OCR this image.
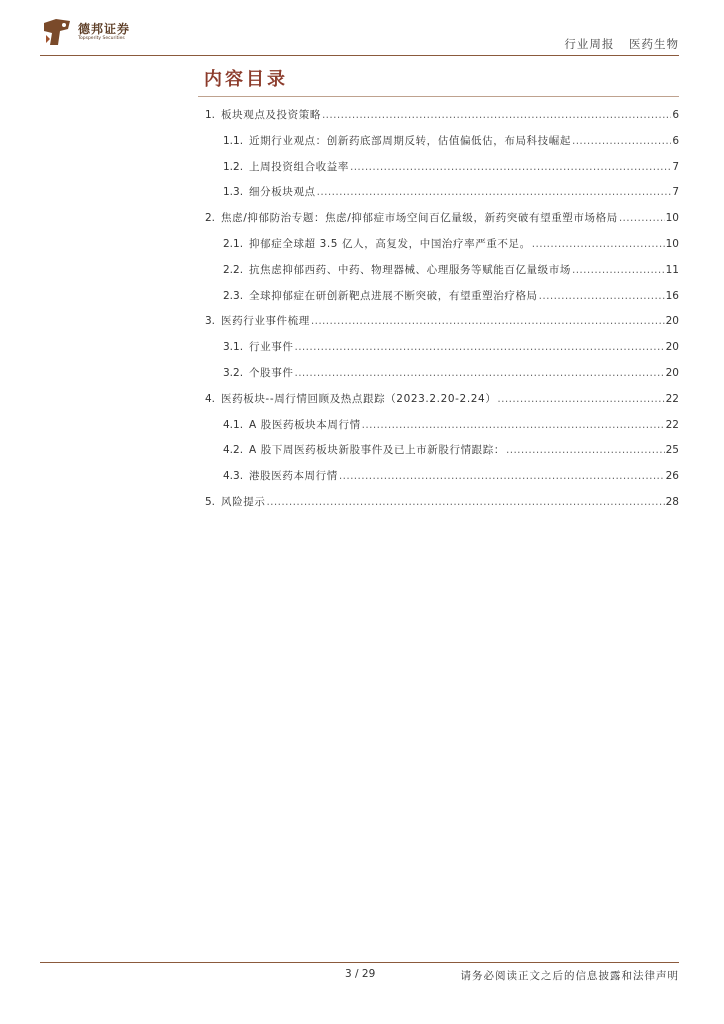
德邦证券
Topsperity Securities	行业周报 医药生物
内容目录
1. 板块观点及投资策略 .....	6
1.1. 近期行业观点：创新药底部周期反转，估值偏低估，布局科技崛起 .....	6
1.2. 上周投资组合收益率 .....	7
1.3. 细分板块观点 .....	7
2. 焦虑/抑郁防治专题：焦虑/抑郁症市场空间百亿量级，新药突破有望重塑市场格局 .....	10
2.1. 抑郁症全球超 3.5 亿人，高复发，中国治疗率严重不足。 .....	10
2.2. 抗焦虑抑郁西药、中药、物理器械、心理服务等赋能百亿量级市场 .....	11
2.3. 全球抑郁症在研创新靶点进展不断突破，有望重塑治疗格局 .....	16
3. 医药行业事件梳理 .....	20
3.1. 行业事件 .....	20
3.2. 个股事件 .....	20
4. 医药板块--周行情回顾及热点跟踪（2023.2.20-2.24） .....	22
4.1. A 股医药板块本周行情 .....	22
4.2. A 股下周医药板块新股事件及已上市新股行情跟踪： .....	25
4.3. 港股医药本周行情 .....	26
5. 风险提示 .....	28
3 / 29	请务必阅读正文之后的信息披露和法律声明
